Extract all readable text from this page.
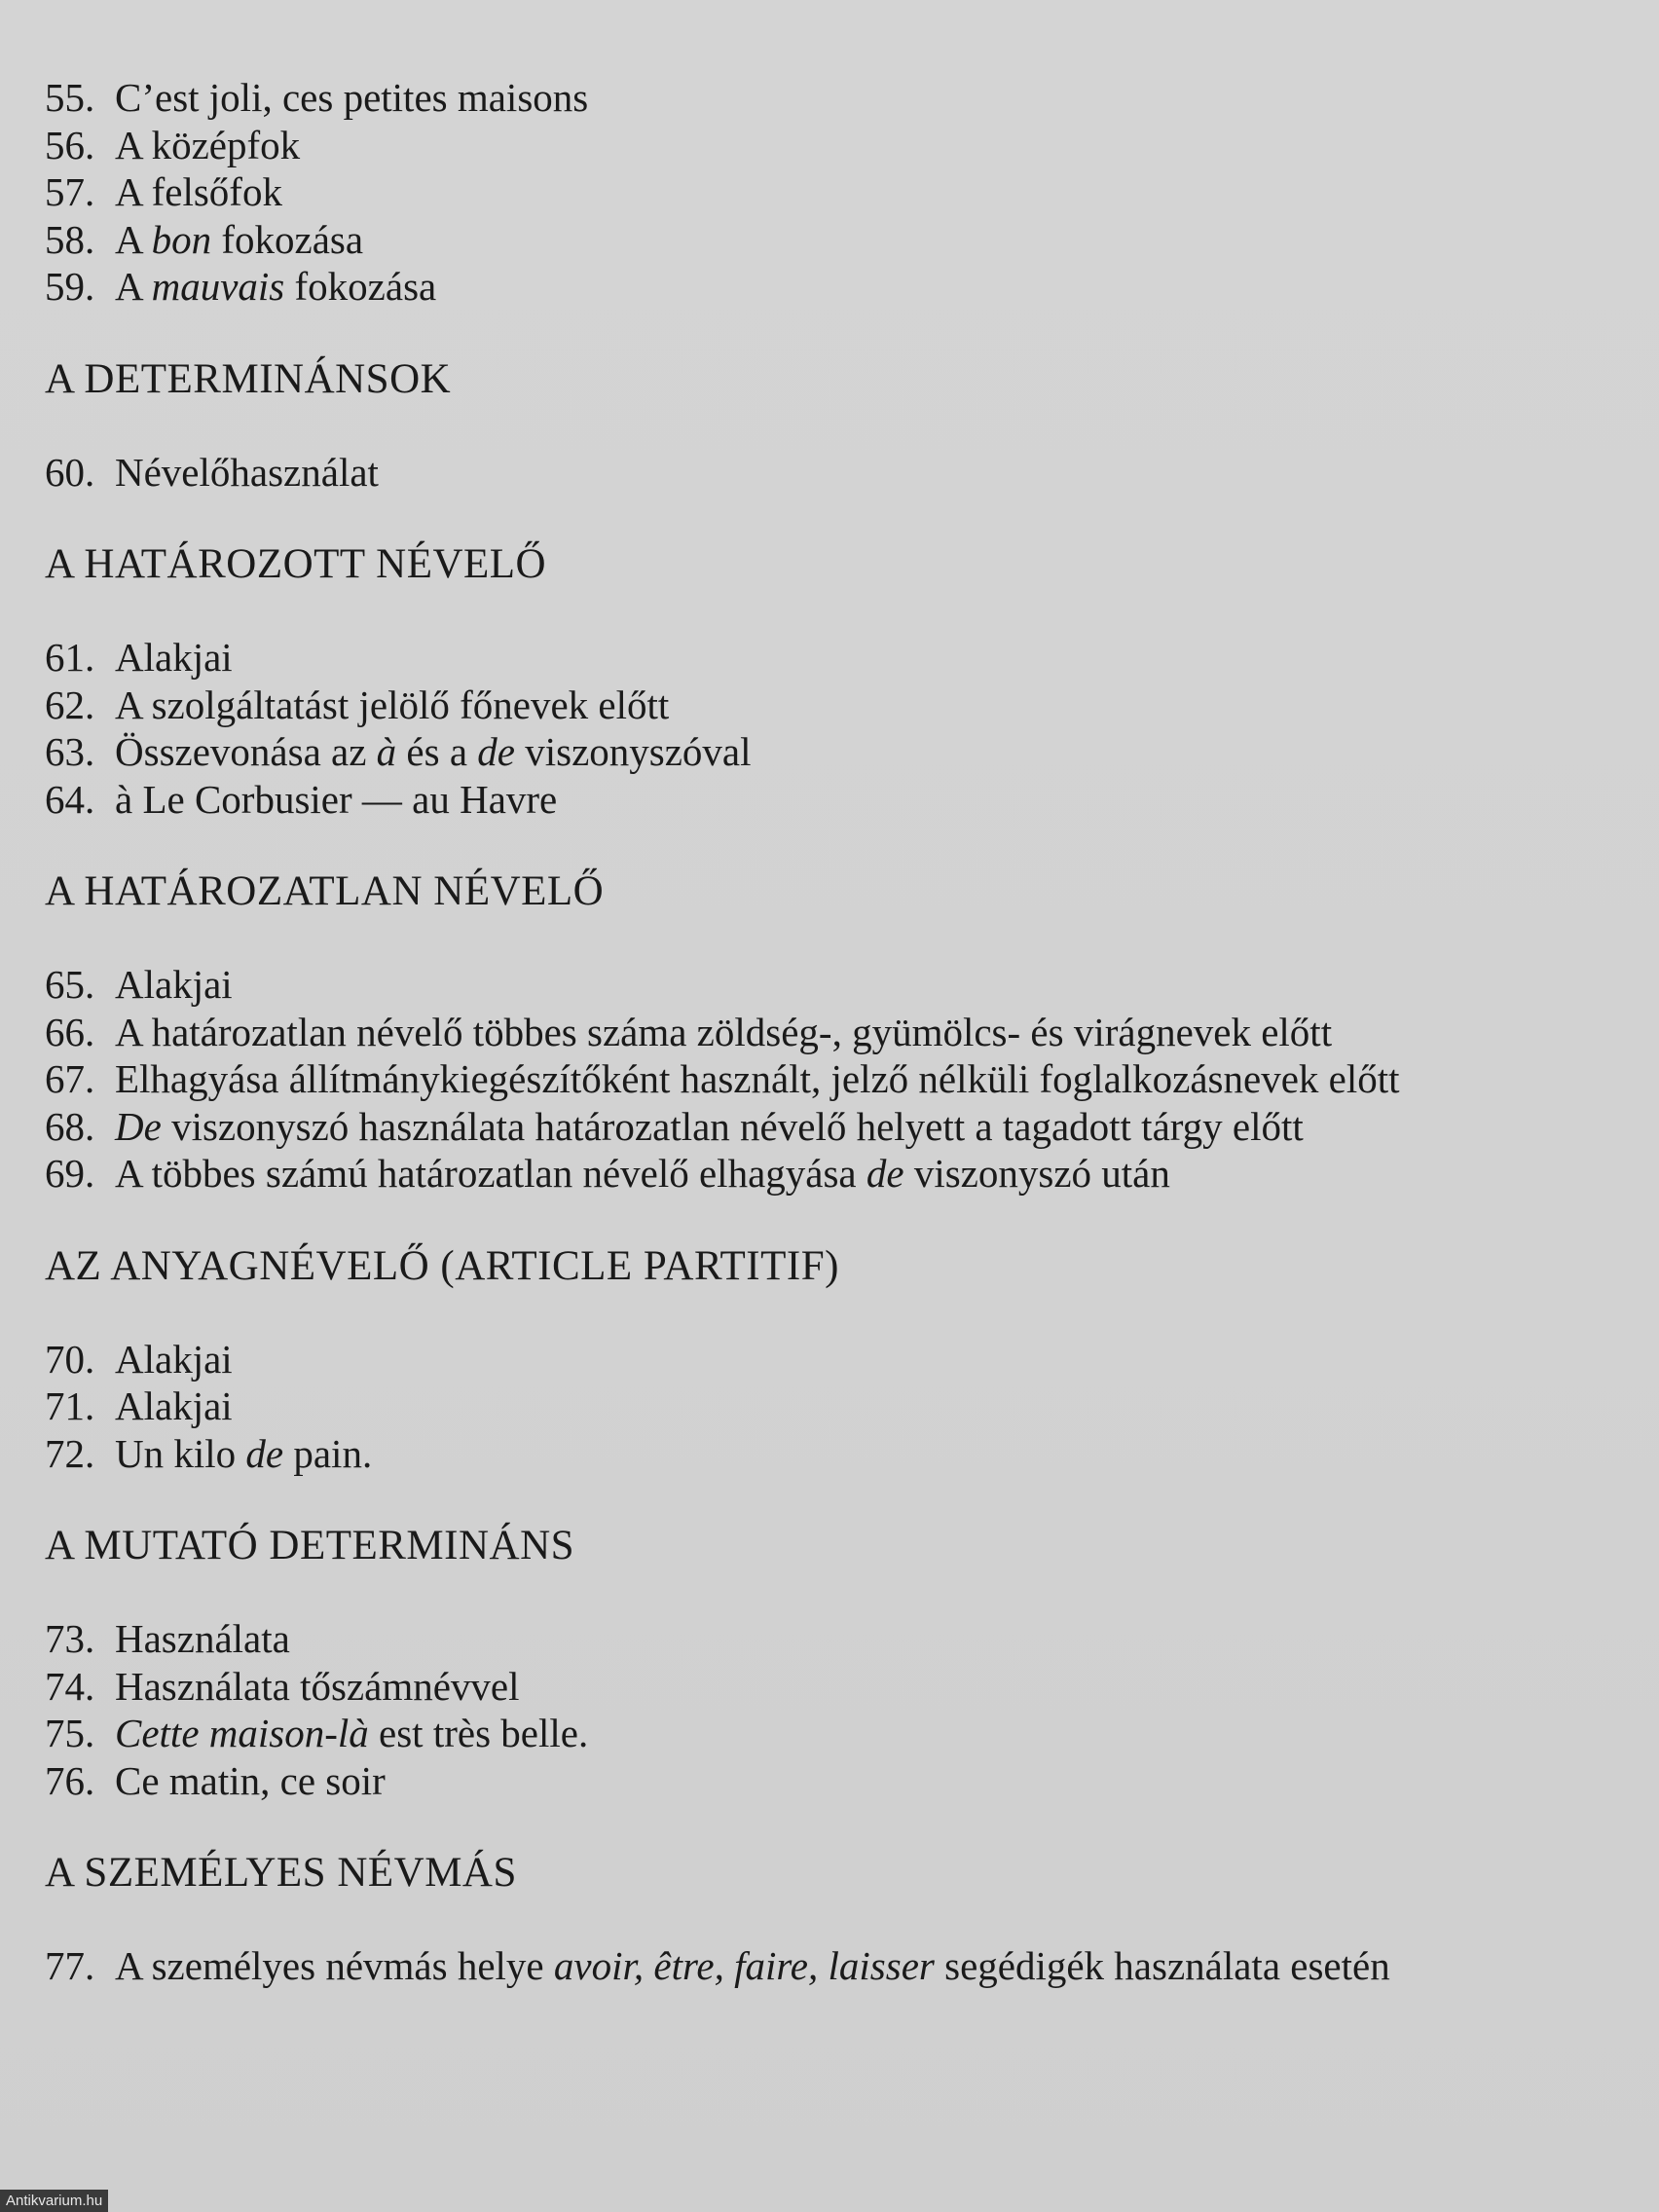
55. C’est joli, ces petites maisons
56. A középfok
57. A felsőfok
58. A bon fokozása
59. A mauvais fokozása
A DETERMINÁNSOK
60. Névelőhasználat
A HATÁROZOTT NÉVELŐ
61. Alakjai
62. A szolgáltatást jelölő főnevek előtt
63. Összevonása az à és a de viszonyszóval
64. à Le Corbusier — au Havre
A HATÁROZATLAN NÉVELŐ
65. Alakjai
66. A határozatlan névelő többes száma zöldség-, gyümölcs- és virágnevek előtt
67. Elhagyása állítmánykiegészítőként használt, jelző nélküli foglalkozásnevek előtt
68. De viszonyszó használata határozatlan névelő helyett a tagadott tárgy előtt
69. A többes számú határozatlan névelő elhagyása de viszonyszó után
AZ ANYAGNÉVELŐ (ARTICLE PARTITIF)
70. Alakjai
71. Alakjai
72. Un kilo de pain.
A MUTATÓ DETERMINÁNS
73. Használata
74. Használata tőszámnévvel
75. Cette maison-là est très belle.
76. Ce matin, ce soir
A SZEMÉLYES NÉVMÁS
77. A személyes névmás helye avoir, être, faire, laisser segédigék használata esetén
Antikvarium.hu
